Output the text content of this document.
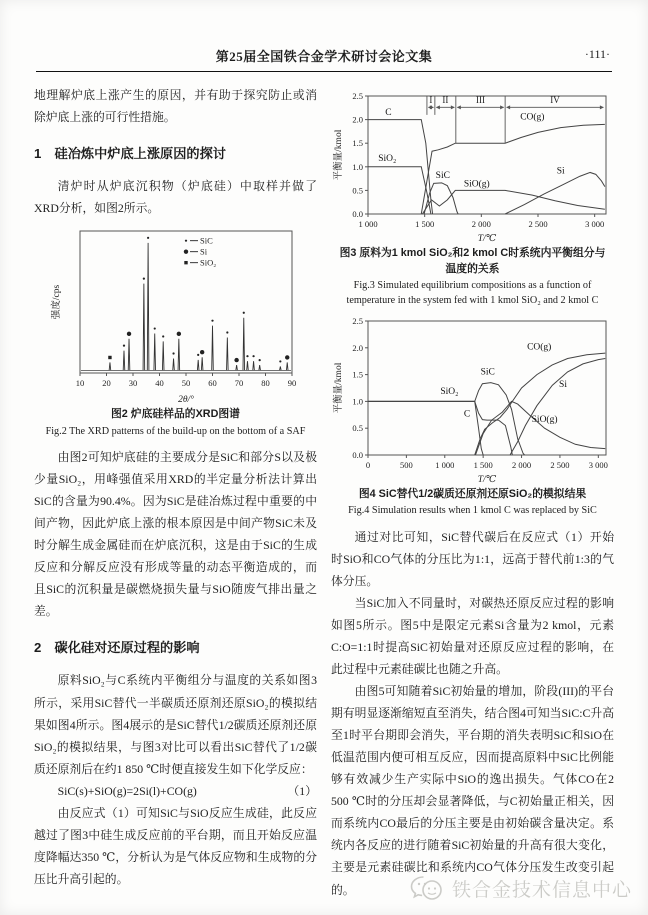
第25届全国铁合金学术研讨会论文集	·111·

地理解炉底上涨产生的原因，并有助于探究防止或消除炉底上涨的可行性措施。

1　硅冶炼中炉底上涨原因的探讨

清炉时从炉底沉积物（炉底硅）中取样并做了XRD分析，如图2所示。

10 20 30 40 50 60 70 80 90
2θ/°
强度/cps
SiC
Si
SiO₂
图2 炉底硅样品的XRD图谱
Fig.2 The XRD patterns of the build-up on the bottom of a SAF

由图2可知炉底硅的主要成分是SiC和部分S以及极少量SiO₂，用峰强值采用XRD的半定量分析法计算出SiC的含量为90.4%。因为SiC是硅冶炼过程中重要的中间产物，因此炉底上涨的根本原因是中间产物SiC未及时分解生成金属硅而在炉底沉积，这是由于SiC的生成反应和分解反应没有形成等量的动态平衡造成的，而且SiC的沉积量是碳燃烧损失量与SiO随废气排出量之差。

2　碳化硅对还原过程的影响

原料SiO₂与C系统内平衡组分与温度的关系如图3所示，采用SiC替代一半碳质还原剂还原SiO₂的模拟结果如图4所示。图4展示的是SiC替代1/2碳质还原剂还原SiO₂的模拟结果，与图3对比可以看出SiC替代了1/2碳质还原剂后在约1 850 ℃时便直接发生如下化学反应：

SiC(s)+SiO(g)=2Si(l)+CO(g)	（1）

由反应式（1）可知SiC与SiO反应生成硅，此反应越过了图3中硅生成反应前的平台期，而且开始反应温度降幅达350 ℃，分析认为是气体反应物和生成物的分压比升高引起的。

1 000	1 500	2 000	2 500	3 000
0.0
0.5
1.0
1.5
2.0
2.5
T/℃
平衡量/kmol
C
SiO₂
SiC
SiO(g)
CO(g)
Si
I II	III	IV
图3 原料为1 kmol SiO₂和2 kmol C时系统内平衡组分与温度的关系
Fig.3 Simulated equilibrium compositions as a function of temperature in the system fed with 1 kmol SiO₂ and 2 kmol C
0	500	1 000 1 500 2 000 2 500 3 000
0.0
0.5
1.0
1.5
2.0
2.5
T/℃
平衡量/kmol	SiO₂
C
SiC
CO(g)
Si
SiO(g)
图4 SiC替代1/2碳质还原剂还原SiO₂的模拟结果
Fig.4 Simulation results when 1 kmol C was replaced by SiC

通过对比可知，SiC替代碳后在反应式（1）开始时SiO和CO气体的分压比为1:1，远高于替代前1:3的气体分压。

当SiC加入不同量时，对碳热还原反应过程的影响如图5所示。图5中是限定元素Si含量为2 kmol，元素C:O=1:1时提高SiC初始量对还原反应过程的影响，在此过程中元素硅碳比也随之升高。

由图5可知随着SiC初始量的增加，阶段(III)的平台期有明显逐渐缩短直至消失，结合图4可知当SiC:C升高至1时平台期即会消失，平台期的消失表明SiC和SiO在低温范围内便可相互反应，因而提高原料中SiC比例能够有效减少生产实际中SiO的逸出损失。气体CO在2 500 ℃时的分压却会显著降低，与C初始量正相关，因而系统内CO最后的分压主要是由初始碳含量决定。系统内各反应的进行随着SiC初始量的升高有很大变化，主要是元素硅碳比和系统内CO气体分压发生改变引起的。	铁合金技术信息中心
